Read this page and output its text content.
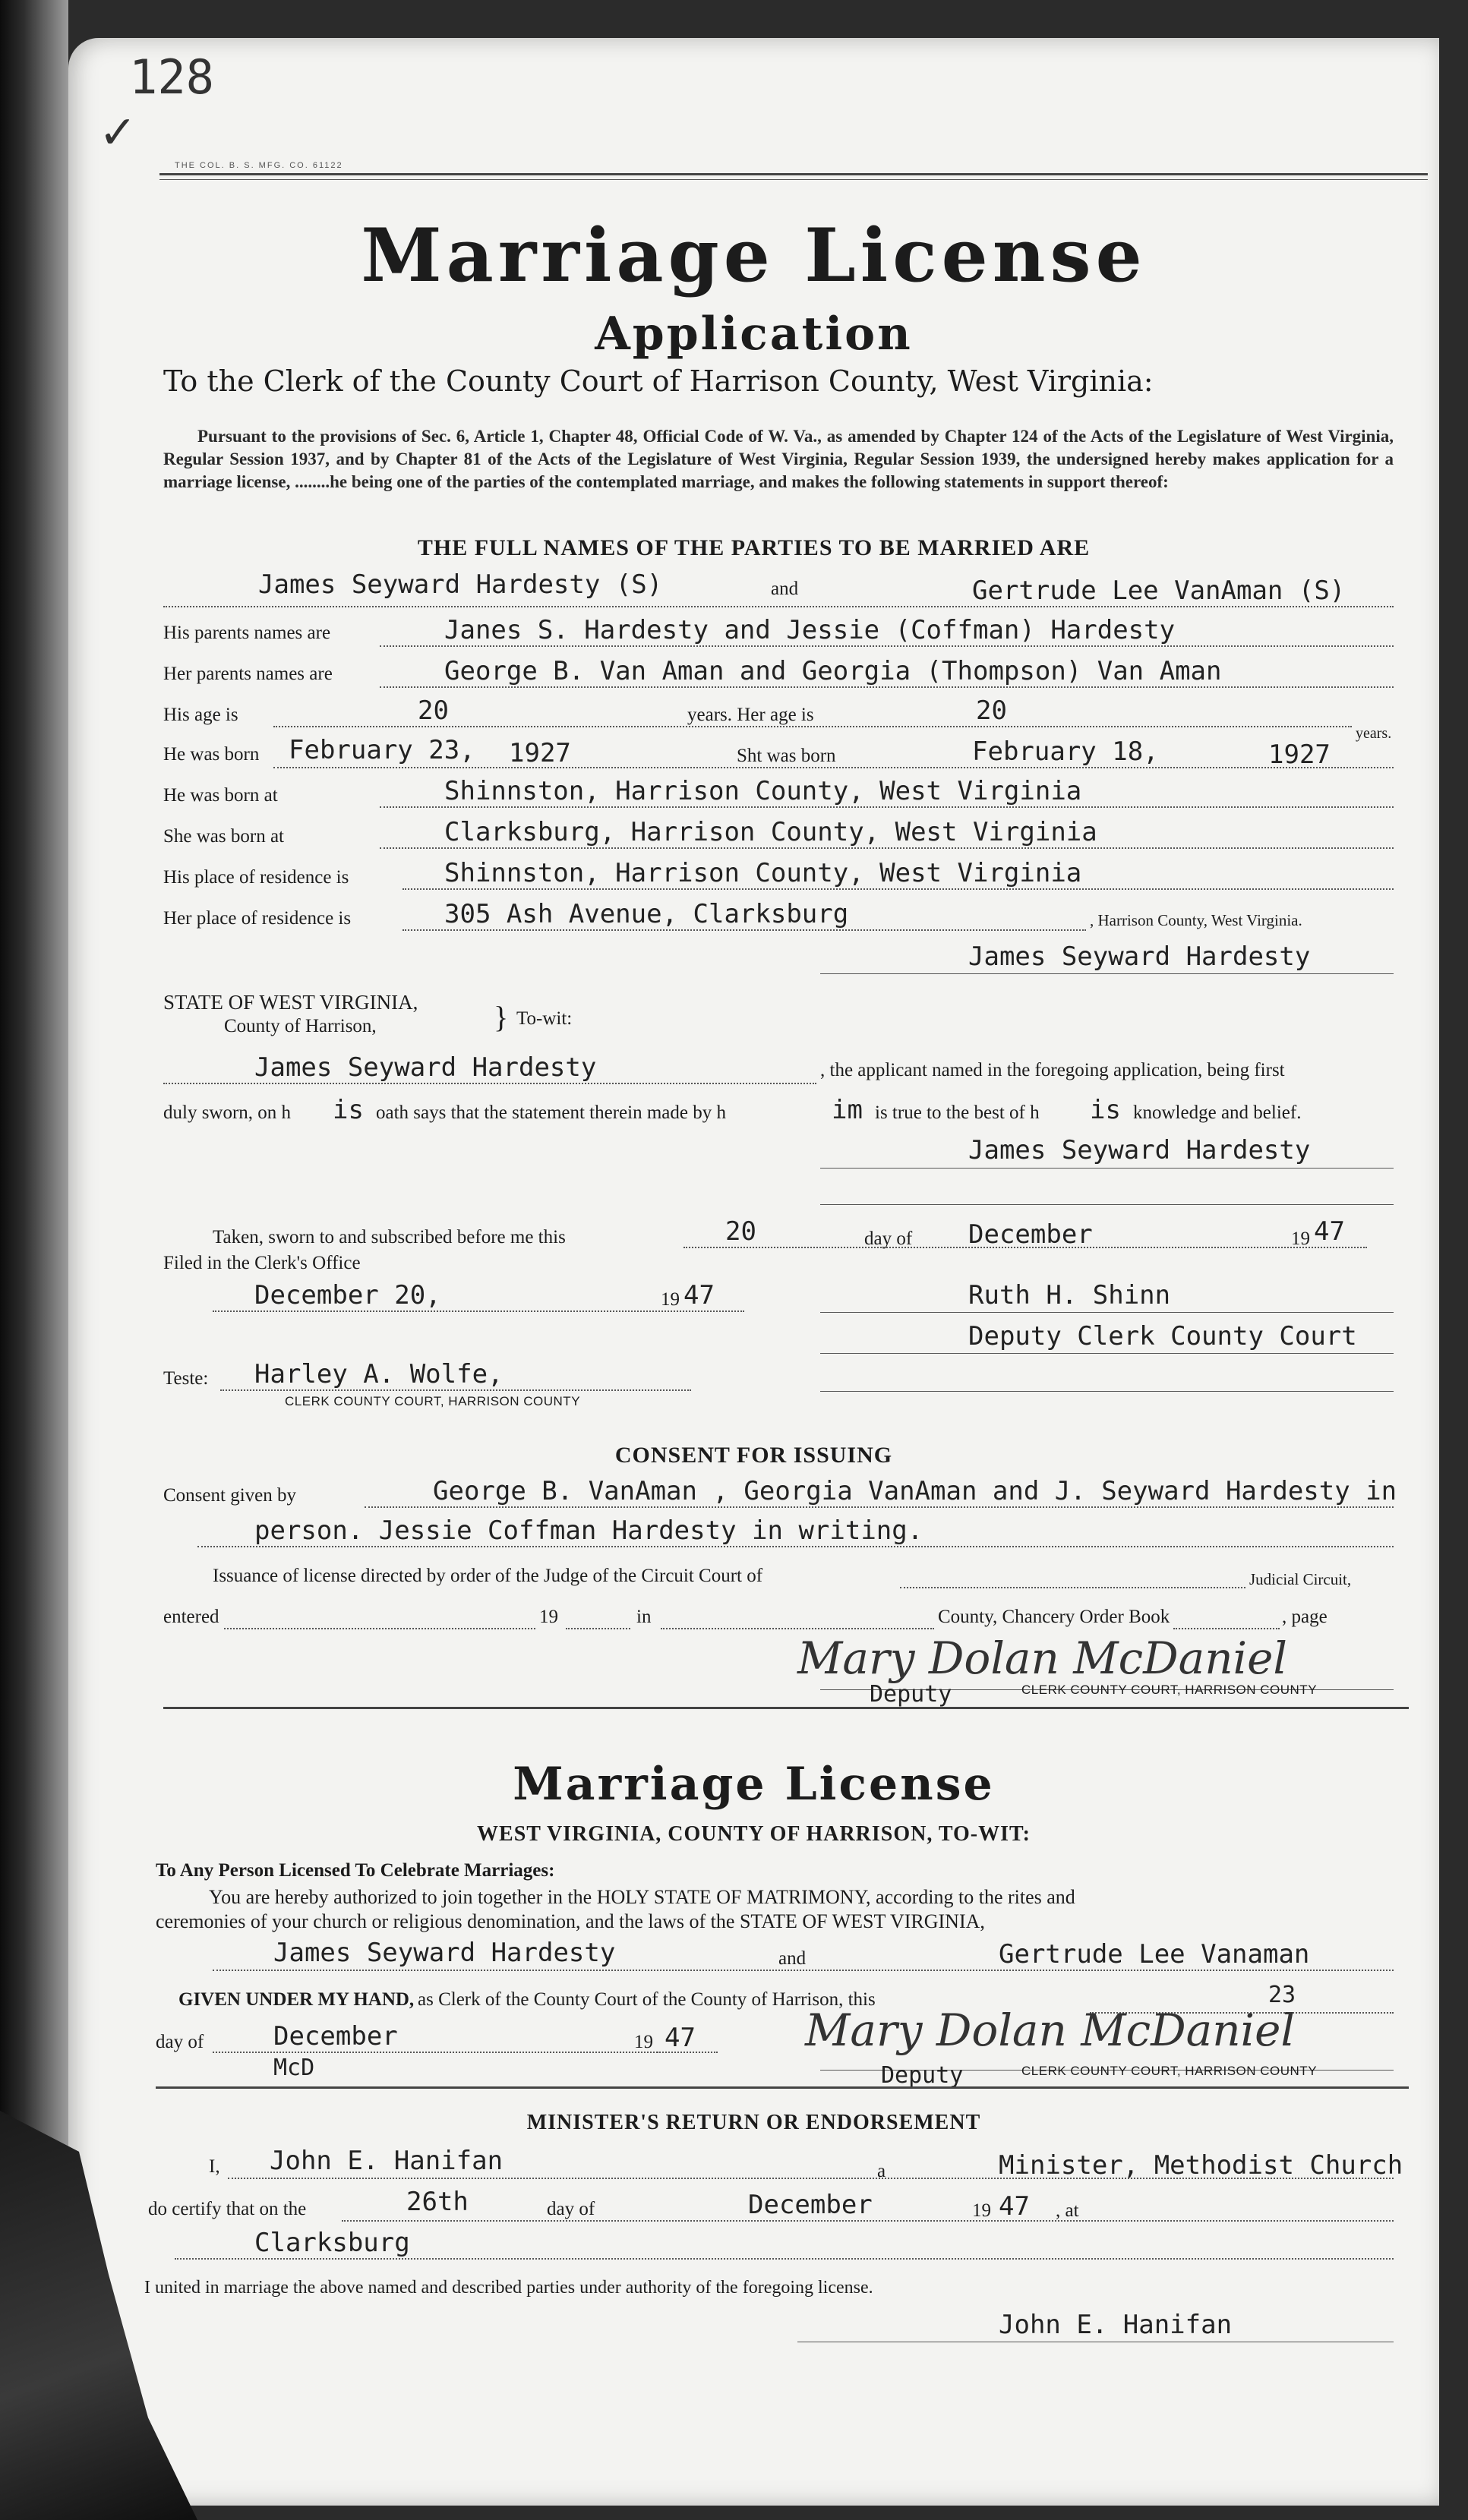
128
✓
THE COL. B. S. MFG. CO. 61122
Marriage License
Application
To the Clerk of the County Court of Harrison County, West Virginia:
Pursuant to the provisions of Sec. 6, Article 1, Chapter 48, Official Code of W. Va., as amended by Chapter 124 of the Acts of the Legislature of West Virginia, Regular Session 1937, and by Chapter 81 of the Acts of the Legislature of West Virginia, Regular Session 1939, the undersigned hereby makes application for a marriage license, ........he being one of the parties of the contemplated marriage, and makes the following statements in support thereof:
THE FULL NAMES OF THE PARTIES TO BE MARRIED ARE
James Seyward Hardesty (S)	and	Gertrude Lee VanAman (S)
His parents names are	Janes S. Hardesty and Jessie (Coffman) Hardesty
Her parents names are	George B. Van Aman and Georgia (Thompson) Van Aman
His age is	20	years. Her age is	20
years.
He was born February 23, 1927	Sht was born	February 18,	1927
He was born at	Shinnston, Harrison County, West Virginia
She was born at	Clarksburg, Harrison County, West Virginia
His place of residence is	Shinnston, Harrison County, West Virginia
Her place of residence is	305 Ash Avenue, Clarksburg	, Harrison County, West Virginia.
James Seyward Hardesty
STATE OF WEST VIRGINIA,
County of Harrison,	} To-wit:
James Seyward Hardesty	, the applicant named in the foregoing application, being first
duly sworn, on h is oath says that the statement therein made by h	im is true to the best of h is knowledge and belief.
James Seyward Hardesty
Taken, sworn to and subscribed before me this	20	day of December	19 47
Filed in the Clerk's Office
December 20,	19 47	Ruth H. Shinn
Deputy Clerk County Court
Teste: Harley A. Wolfe,
CLERK COUNTY COURT, HARRISON COUNTY
CONSENT FOR ISSUING
Consent given by	George B. VanAman , Georgia VanAman and J. Seyward Hardesty in
person. Jessie Coffman Hardesty in writing.
Issuance of license directed by order of the Judge of the Circuit Court of	Judicial Circuit,
entered	19	in	County, Chancery Order Book	, page
Mary Dolan McDaniel
Deputy	CLERK COUNTY COURT, HARRISON COUNTY
Marriage License
WEST VIRGINIA, COUNTY OF HARRISON, TO-WIT:
To Any Person Licensed To Celebrate Marriages:
You are hereby authorized to join together in the HOLY STATE OF MATRIMONY, according to the rites and
ceremonies of your church or religious denomination, and the laws of the STATE OF WEST VIRGINIA,
James Seyward Hardesty	and	Gertrude Lee Vanaman
GIVEN UNDER MY HAND, as Clerk of the County Court of the County of Harrison, this	23
day of	December	19 47
McD
Mary Dolan McDaniel
Deputy	CLERK COUNTY COURT, HARRISON COUNTY
MINISTER'S RETURN OR ENDORSEMENT
I, John E. Hanifan	a	Minister, Methodist Church
do certify that on the	26th	day of	December	19 47 , at
Clarksburg
I united in marriage the above named and described parties under authority of the foregoing license.
John E. Hanifan
